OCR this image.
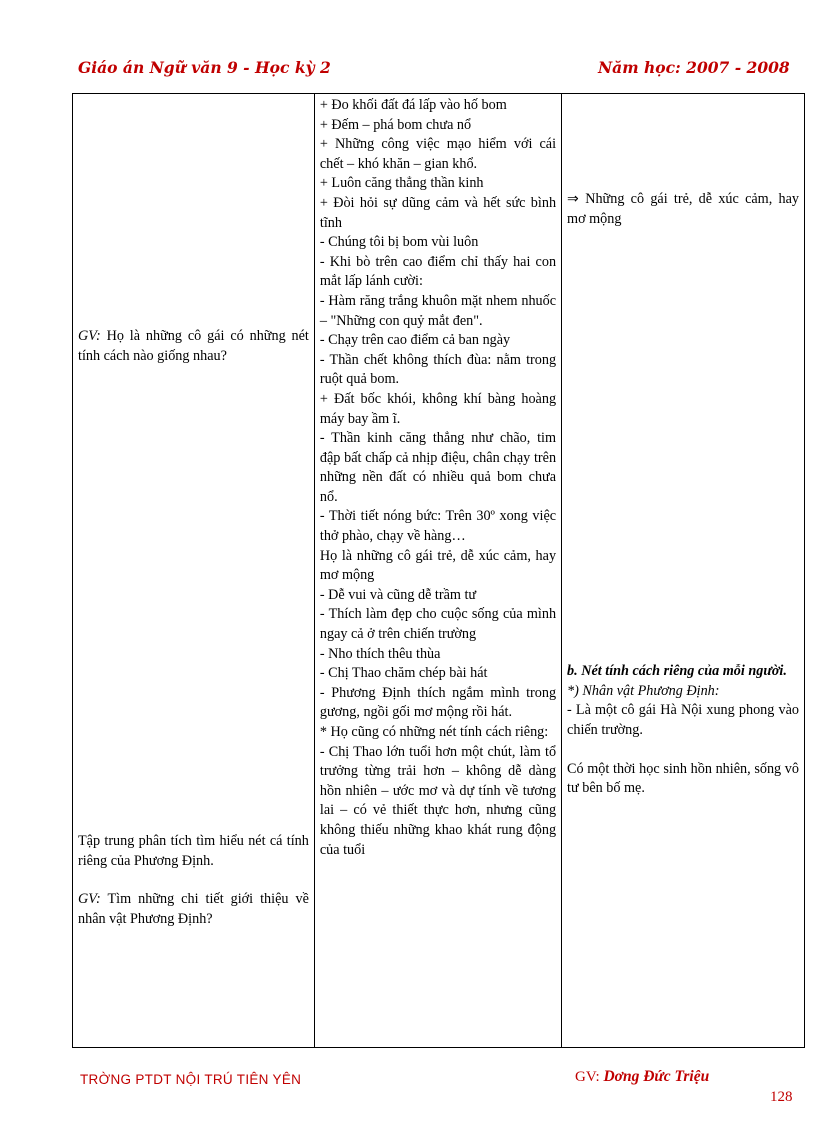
Giáo án Ngữ văn 9 - Học kỳ 2	Năm học: 2007 - 2008
GV: Họ là những cô gái có những nét tính cách nào giống nhau?
Tập trung phân tích tìm hiểu nét cá tính riêng của Phương Định.
GV: Tìm những chi tiết giới thiệu về nhân vật Phương Định?

+ Đo khối đất đá lấp vào hố bom
+ Đếm – phá bom chưa nổ
+ Những công việc mạo hiểm với cái chết – khó khăn – gian khổ.
+ Luôn căng thẳng thần kinh
+ Đòi hỏi sự dũng cảm và hết sức bình tĩnh
- Chúng tôi bị bom vùi luôn
- Khi bò trên cao điểm chỉ thấy hai con mắt lấp lánh cười:
- Hàm răng trắng khuôn mặt nhem nhuốc – "Những con quỷ mắt đen".
- Chạy trên cao điểm cả ban ngày
- Thần chết không thích đùa: nằm trong ruột quả bom.
+ Đất bốc khói, không khí bàng hoàng máy bay ầm ĩ.
- Thần kinh căng thẳng như chão, tim đập bất chấp cả nhịp điệu, chân chạy trên những nền đất có nhiều quả bom chưa nổ.
- Thời tiết nóng bức: Trên 30º xong việc thở phào, chạy về hàng…
Họ là những cô gái trẻ, dễ xúc cảm, hay mơ mộng
- Dễ vui và cũng dễ trầm tư
- Thích làm đẹp cho cuộc sống của mình ngay cả ở trên chiến trường
- Nho thích thêu thùa
- Chị Thao chăm chép bài hát
- Phương Định thích ngắm mình trong gương, ngồi gối mơ mộng rồi hát.
* Họ cũng có những nét tính cách riêng:
- Chị Thao lớn tuổi hơn một chút, làm tổ trưởng từng trải hơn – không dễ dàng hồn nhiên – ước mơ và dự tính về tương lai – có vẻ thiết thực hơn, nhưng cũng không thiếu những khao khát rung động của tuổi

⇒ Những cô gái trẻ, dễ xúc cảm, hay mơ mộng
b. Nét tính cách riêng của mỗi người.
*) Nhân vật Phương Định:
- Là một cô gái Hà Nội xung phong vào chiến trường.
Có một thời học sinh hồn nhiên, sống vô tư bên bố mẹ.
TRỜNG PTDT NỘI TRÚ TIÊN YÊN	GV: Dơng Đức Triệu
128
